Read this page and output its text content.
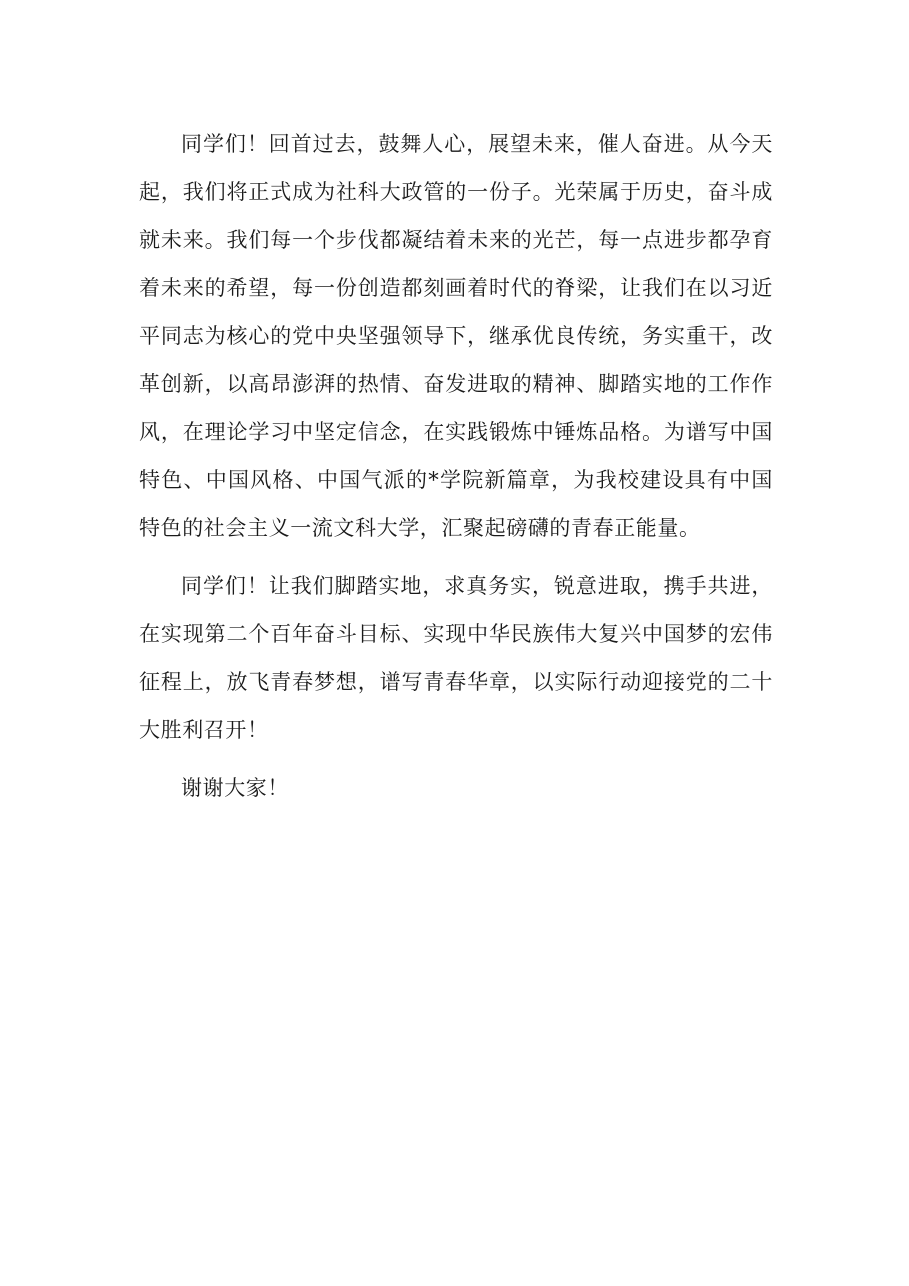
同学们！回首过去，鼓舞人心，展望未来，催人奋进。从今天起，我们将正式成为社科大政管的一份子。光荣属于历史，奋斗成就未来。我们每一个步伐都凝结着未来的光芒，每一点进步都孕育着未来的希望，每一份创造都刻画着时代的脊梁，让我们在以习近平同志为核心的党中央坚强领导下，继承优良传统，务实重干，改革创新，以高昂澎湃的热情、奋发进取的精神、脚踏实地的工作作风，在理论学习中坚定信念，在实践锻炼中锤炼品格。为谱写中国特色、中国风格、中国气派的*学院新篇章，为我校建设具有中国特色的社会主义一流文科大学，汇聚起磅礴的青春正能量。

同学们！让我们脚踏实地，求真务实，锐意进取，携手共进，在实现第二个百年奋斗目标、实现中华民族伟大复兴中国梦的宏伟征程上，放飞青春梦想，谱写青春华章，以实际行动迎接党的二十大胜利召开！

谢谢大家！
